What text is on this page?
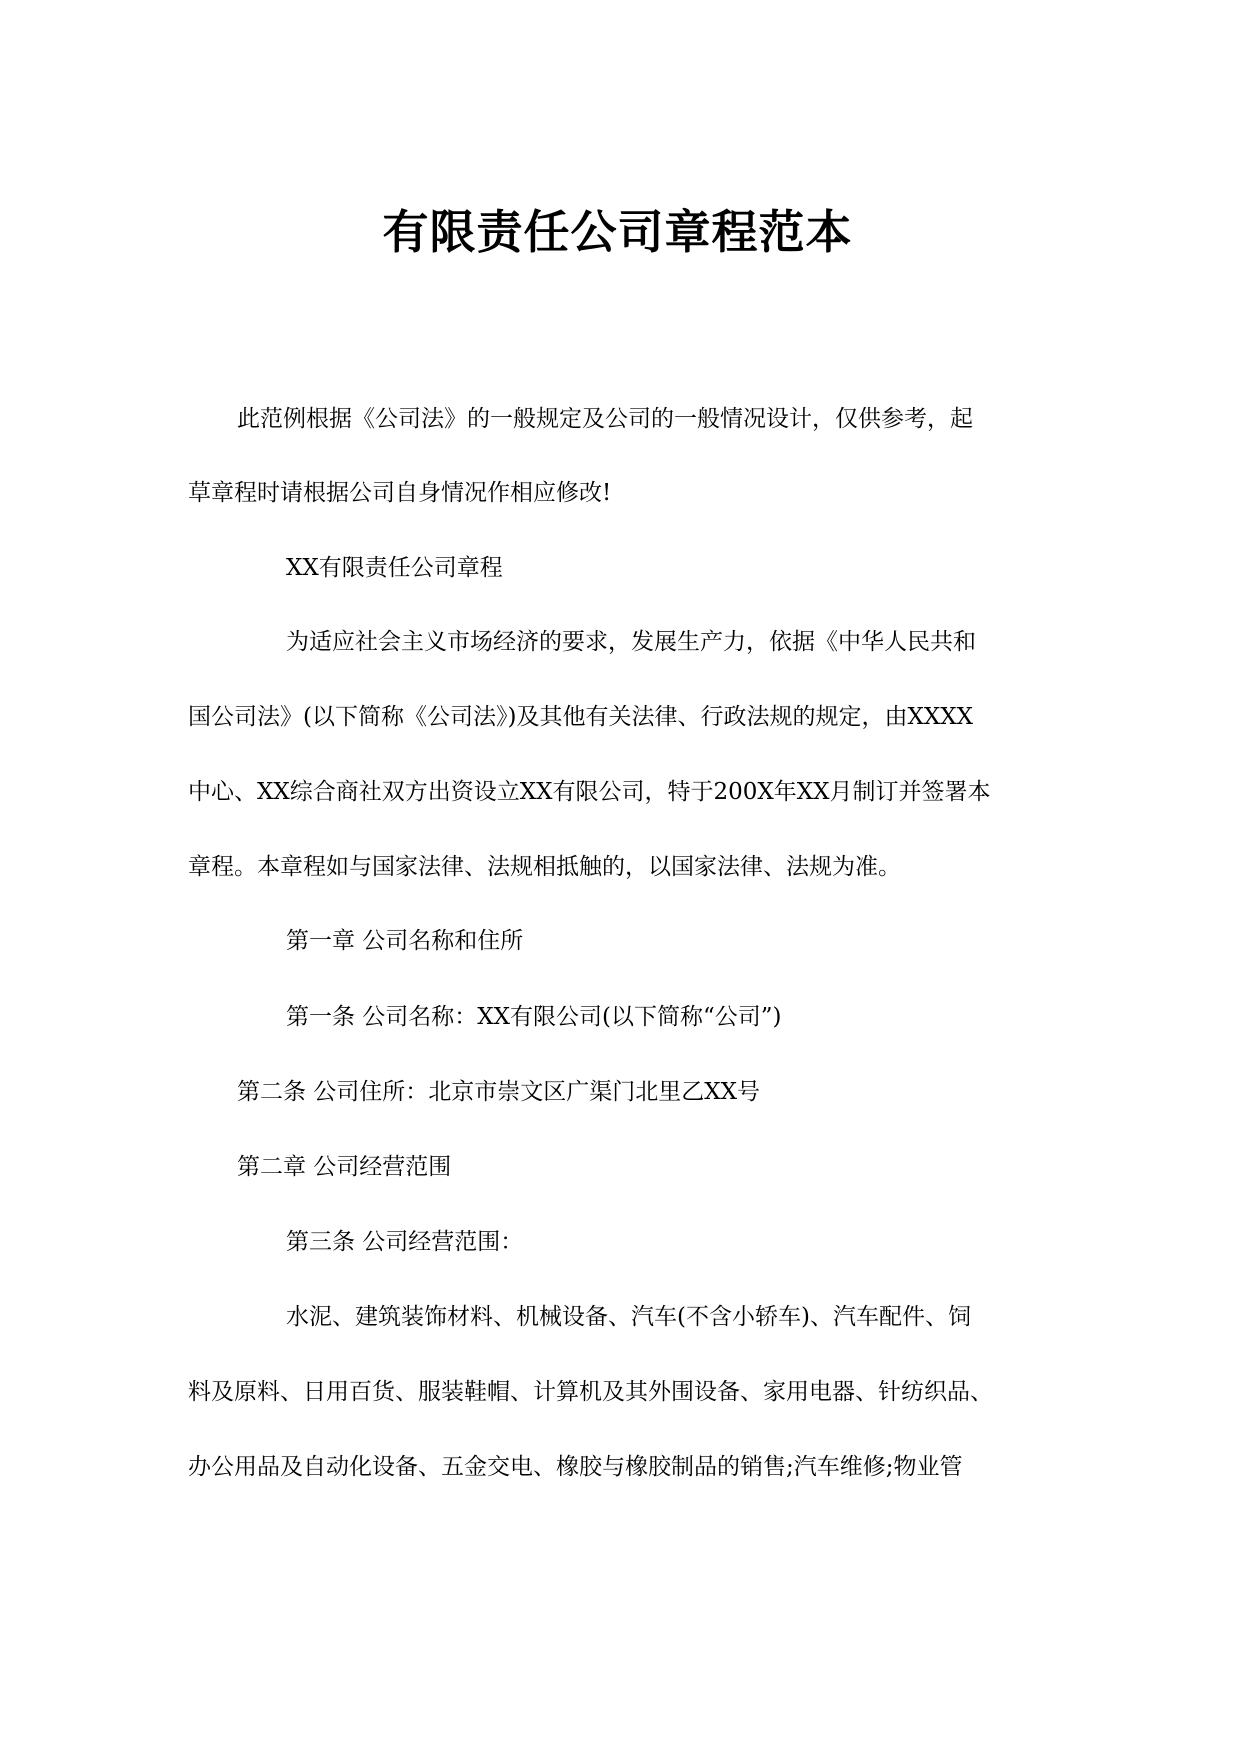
有限责任公司章程范本

此范例根据《公司法》的一般规定及公司的一般情况设计，仅供参考，起

草章程时请根据公司自身情况作相应修改!

XX有限责任公司章程

为适应社会主义市场经济的要求，发展生产力，依据《中华人民共和

国公司法》(以下简称《公司法》)及其他有关法律、行政法规的规定，由XXXX

中心、XX综合商社双方出资设立XX有限公司，特于200X年XX月制订并签署本

章程。本章程如与国家法律、法规相抵触的，以国家法律、法规为准。

第一章 公司名称和住所

第一条 公司名称：XX有限公司(以下简称“公司”)

第二条 公司住所：北京市崇文区广渠门北里乙XX号

第二章 公司经营范围

第三条 公司经营范围：

水泥、建筑装饰材料、机械设备、汽车(不含小轿车)、汽车配件、饲

料及原料、日用百货、服装鞋帽、计算机及其外围设备、家用电器、针纺织品、

办公用品及自动化设备、五金交电、橡胶与橡胶制品的销售;汽车维修;物业管
